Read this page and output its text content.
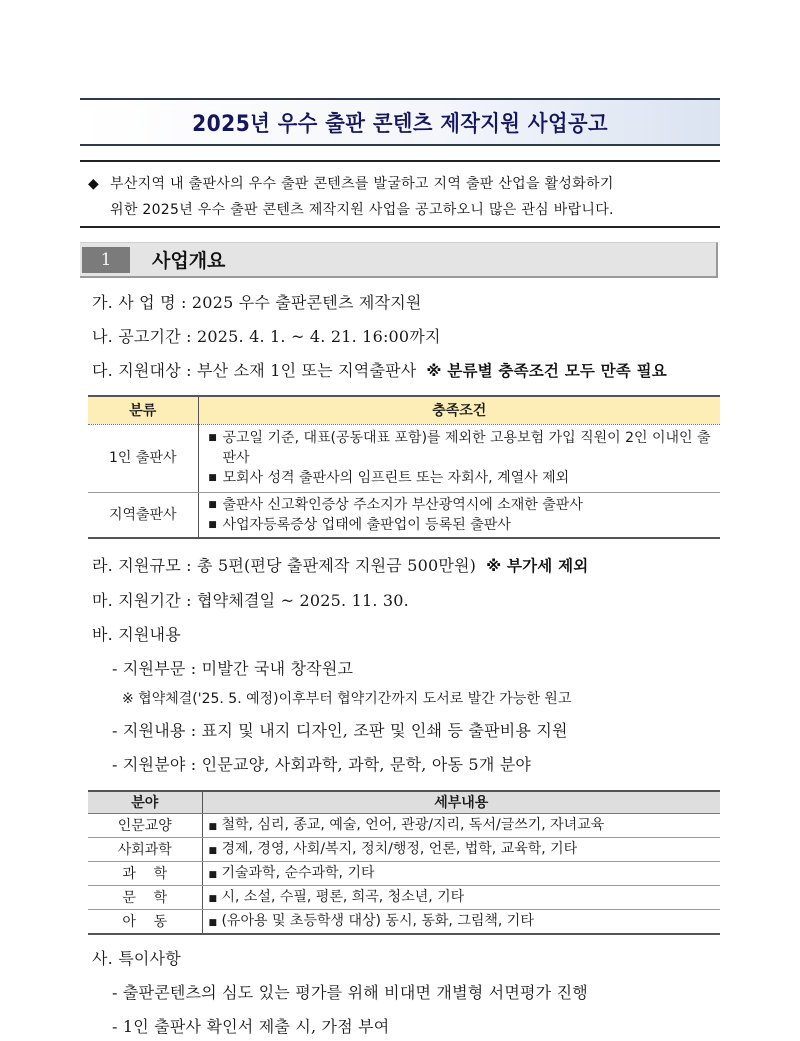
2025년 우수 출판 콘텐츠 제작지원 사업공고
◆ 부산지역 내 출판사의 우수 출판 콘텐츠를 발굴하고 지역 출판 산업을 활성화하기
위한 2025년 우수 출판 콘텐츠 제작지원 사업을 공고하오니 많은 관심 바랍니다.
1	사업개요
가. 사 업 명 : 2025 우수 출판콘텐츠 제작지원
나. 공고기간 : 2025. 4. 1. ~ 4. 21. 16:00까지
다. 지원대상 : 부산 소재 1인 또는 지역출판사 ※ 분류별 충족조건 모두 만족 필요
분류	충족조건
1인 출판사	■ 공고일 기준, 대표(공동대표 포함)를 제외한 고용보험 가입 직원이 2인 이내인 출판사
■ 모회사 성격 출판사의 임프린트 또는 자회사, 계열사 제외

지역출판사	■ 출판사 신고확인증상 주소지가 부산광역시에 소재한 출판사
■ 사업자등록증상 업태에 출판업이 등록된 출판사
라. 지원규모 : 총 5편(편당 출판제작 지원금 500만원) ※ 부가세 제외
마. 지원기간 : 협약체결일 ~ 2025. 11. 30.
바. 지원내용
- 지원부문 : 미발간 국내 창작원고
※ 협약체결('25. 5. 예정)이후부터 협약기간까지 도서로 발간 가능한 원고
- 지원내용 : 표지 및 내지 디자인, 조판 및 인쇄 등 출판비용 지원
- 지원분야 : 인문교양, 사회과학, 과학, 문학, 아동 5개 분야
분야	세부내용
인문교양	■ 철학, 심리, 종교, 예술, 언어, 관광/지리, 독서/글쓰기, 자녀교육
사회과학	■ 경제, 경영, 사회/복지, 정치/행정, 언론, 법학, 교육학, 기타
과    학	■ 기술과학, 순수과학, 기타
문    학	■ 시, 소설, 수필, 평론, 희곡, 청소년, 기타
아    동	■ (유아용 및 초등학생 대상) 동시, 동화, 그림책, 기타
사. 특이사항
- 출판콘텐츠의 심도 있는 평가를 위해 비대면 개별형 서면평가 진행
- 1인 출판사 확인서 제출 시, 가점 부여
